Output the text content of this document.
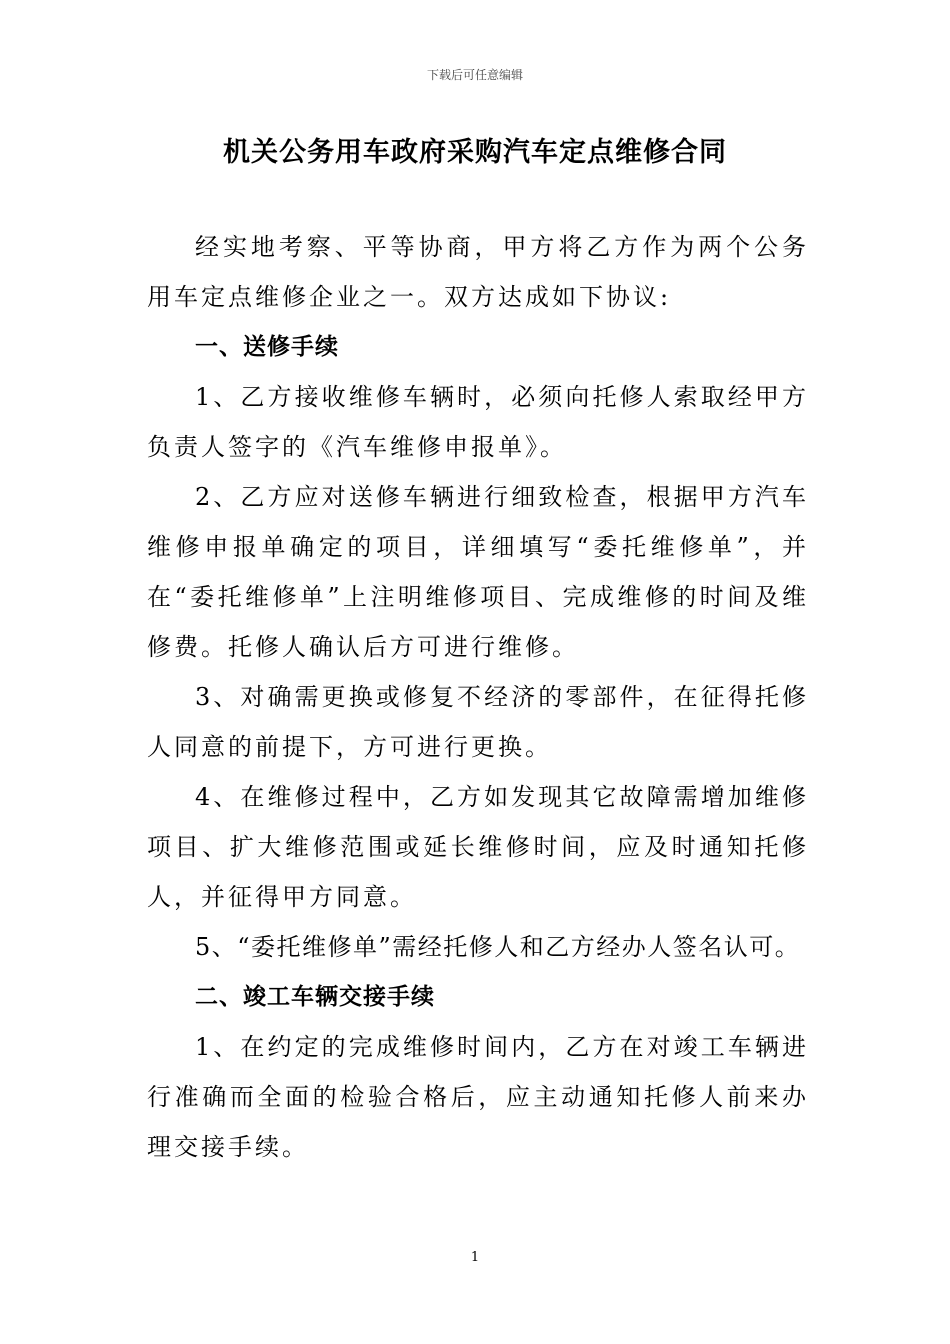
下载后可任意编辑
机关公务用车政府采购汽车定点维修合同

经实地考察、平等协商，甲方将乙方作为两个公务用车定点维修企业之一。双方达成如下协议:

一、送修手续

1、乙方接收维修车辆时，必须向托修人索取经甲方负责人签字的《汽车维修申报单》。

2、乙方应对送修车辆进行细致检查，根据甲方汽车维修申报单确定的项目，详细填写“委托维修单”，并在“委托维修单”上注明维修项目、完成维修的时间及维修费。托修人确认后方可进行维修。

3、对确需更换或修复不经济的零部件，在征得托修人同意的前提下，方可进行更换。

4、在维修过程中，乙方如发现其它故障需增加维修项目、扩大维修范围或延长维修时间，应及时通知托修人，并征得甲方同意。

5、“委托维修单”需经托修人和乙方经办人签名认可。

二、竣工车辆交接手续

1、在约定的完成维修时间内，乙方在对竣工车辆进行准确而全面的检验合格后，应主动通知托修人前来办理交接手续。

1
